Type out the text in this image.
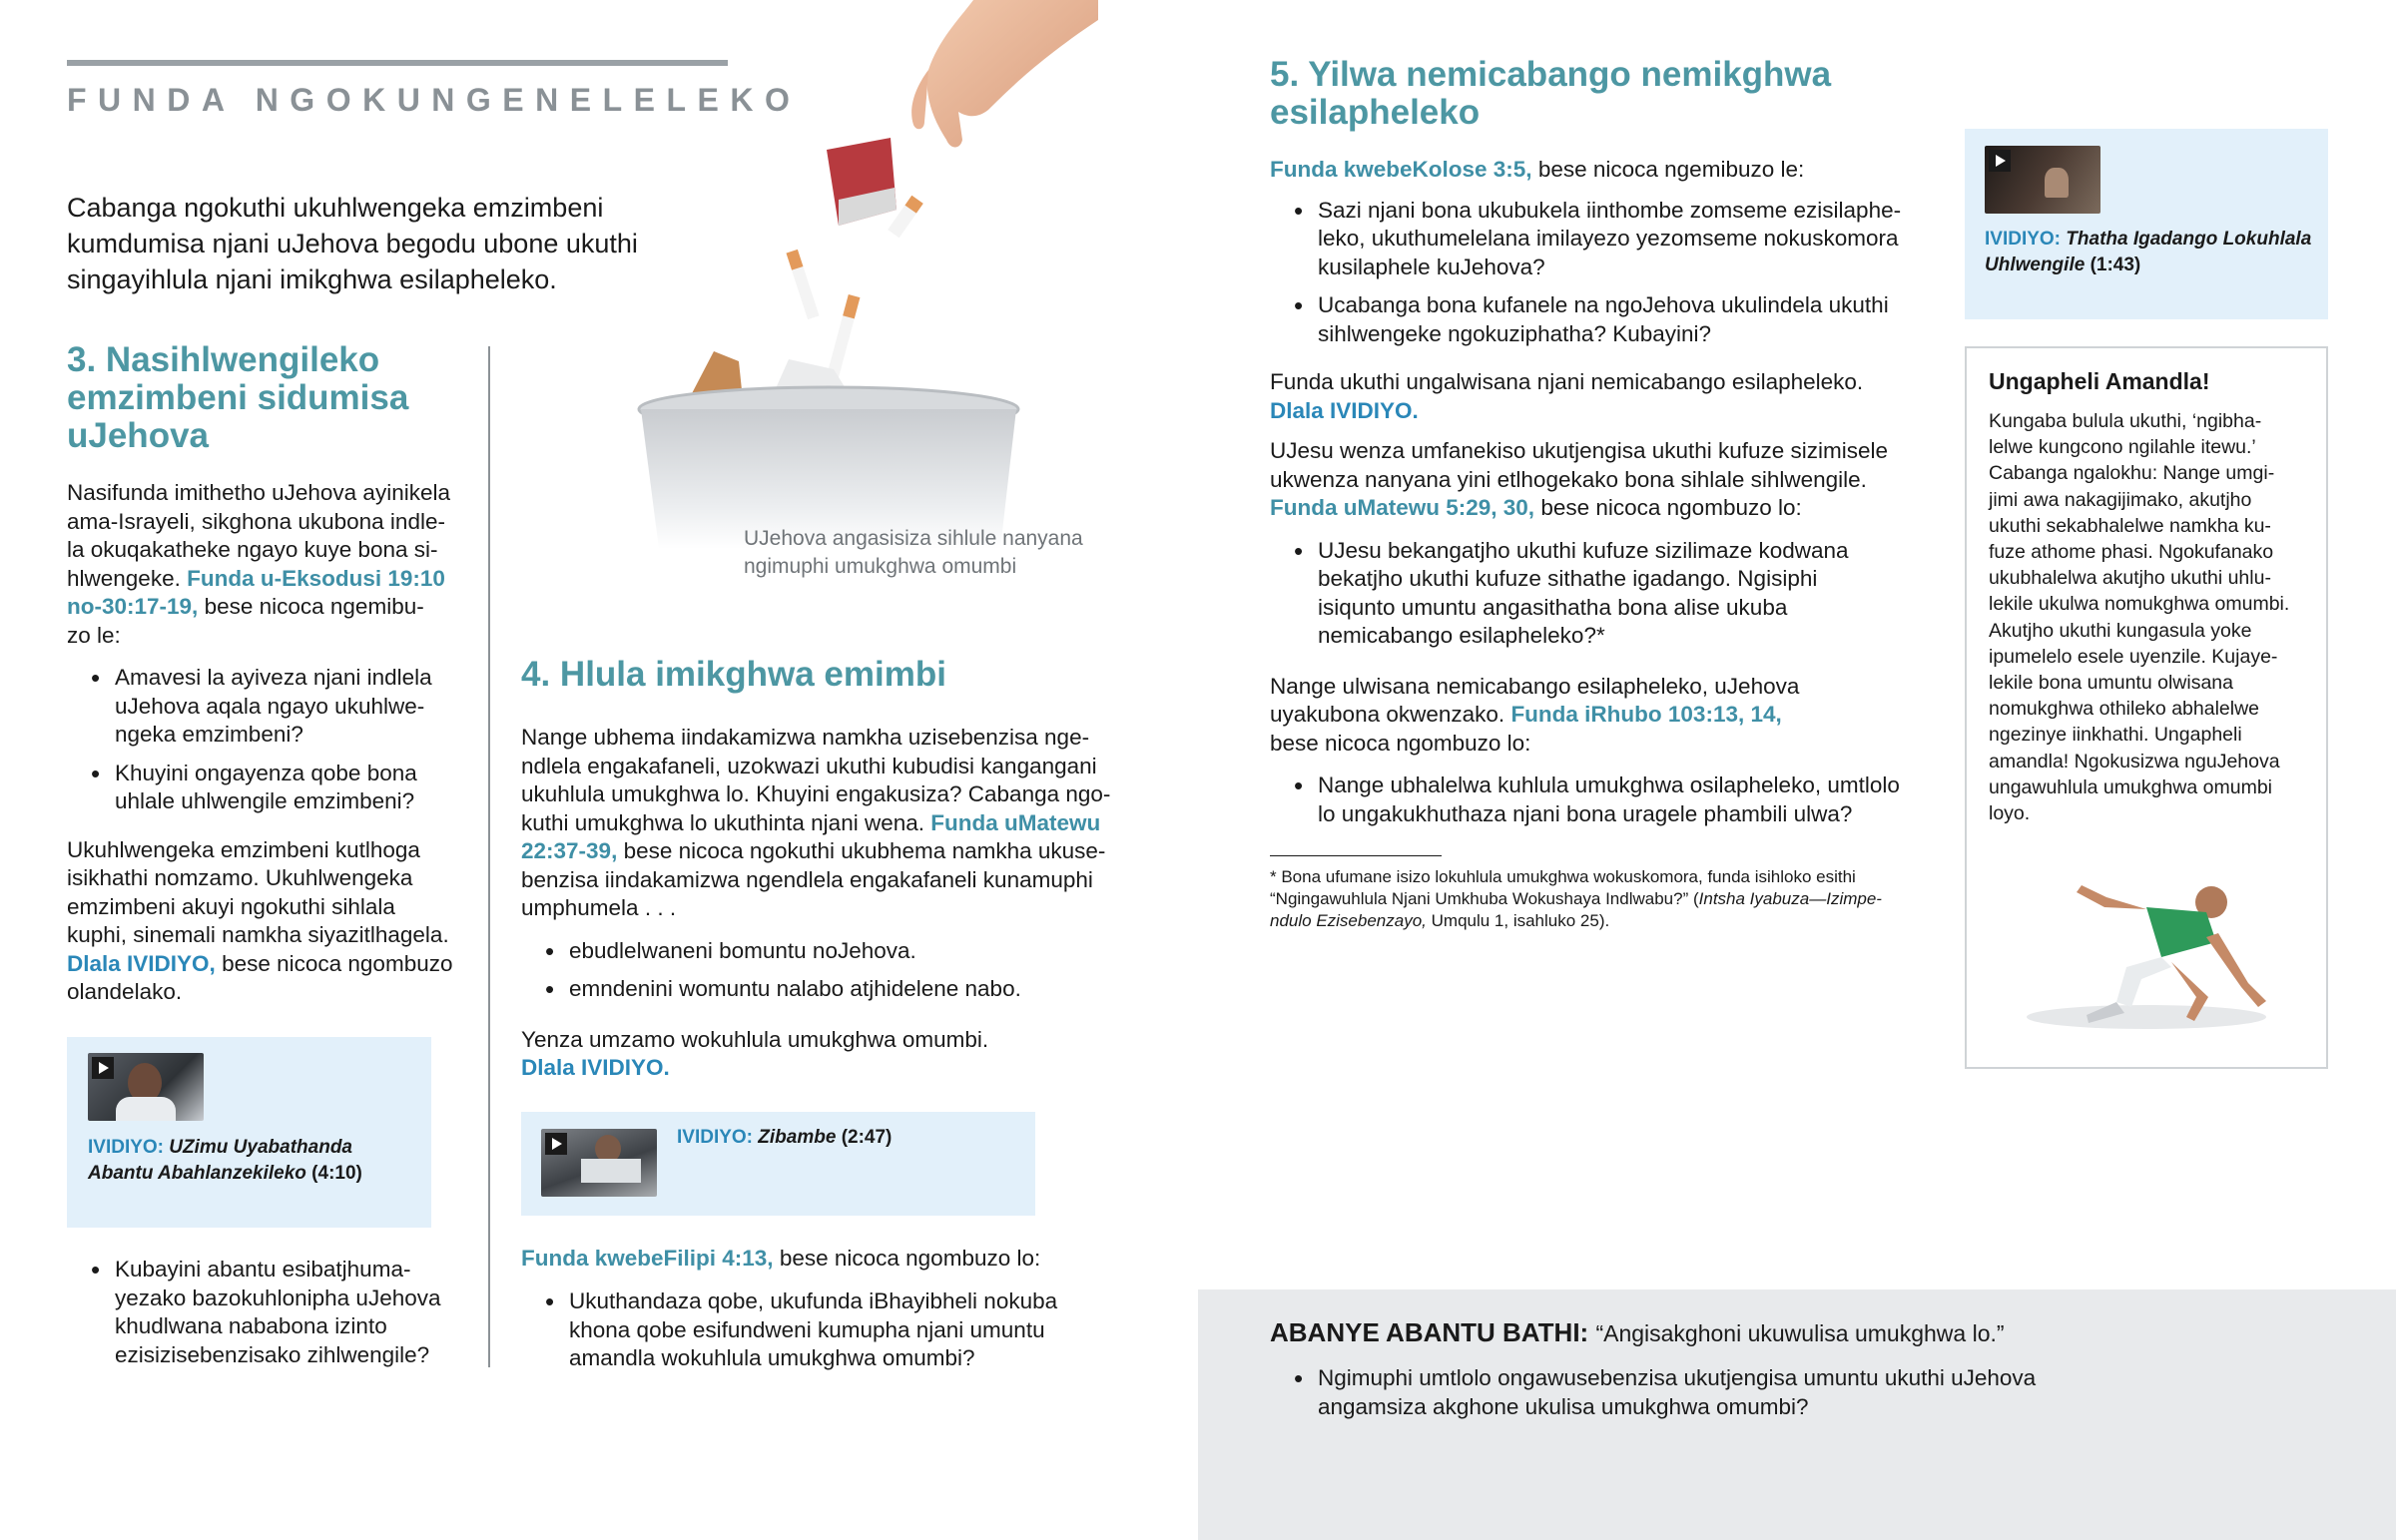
FUNDA NGOKUNGENELELEKO
Cabanga ngokuthi ukuhlwengeka emzimbeni kumdumisa njani uJehova begodu ubone ukuthi singayihlula njani imikghwa esilapheleko.
UJehova angasisiza sihlule nanyana
ngimuphi umukghwa omumbi
3. Nasihlwengileko
emzimbeni sidumisa
uJehova
Nasifunda imithetho uJehova ayinikela
ama-Israyeli, sikghona ukubona indle-
la okuqakatheke ngayo kuye bona si-
hlwengeke. Funda u-Eksodusi 19:10
no-30:17-19, bese nicoca ngemibu-
zo le:
• Amavesi la ayiveza njani indlela
uJehova aqala ngayo ukuhlwe-
ngeka emzimbeni?
• Khuyini ongayenza qobe bona
uhlale uhlwengile emzimbeni?
Ukuhlwengeka emzimbeni kutlhoga
isikhathi nomzamo. Ukuhlwengeka
emzimbeni akuyi ngokuthi sihlala
kuphi, sinemali namkha siyazitlhagela.
Dlala IVIDIYO, bese nicoca ngombuzo
olandelako.
IVIDIYO: UZimu Uyabathanda
Abantu Abahlanzekileko (4:10)
• Kubayini abantu esibatjhuma-
yezako bazokuhlonipha uJehova
khudlwana nababona izinto
ezisizisebenzisako zihlwengile?
4. Hlula imikghwa emimbi
Nange ubhema iindakamizwa namkha uzisebenzisa nge-
ndlela engakafaneli, uzokwazi ukuthi kubudisi kangangani
ukuhlula umukghwa lo. Khuyini engakusiza? Cabanga ngo-
kuthi umukghwa lo ukuthinta njani wena. Funda uMatewu
22:37-39, bese nicoca ngokuthi ukubhema namkha ukuse-
benzisa iindakamizwa ngendlela engakafaneli kunamuphi
umphumela . . .
• ebudlelwaneni bomuntu noJehova.
• emndenini womuntu nalabo atjhidelene nabo.
Yenza umzamo wokuhlula umukghwa omumbi.
Dlala IVIDIYO.
IVIDIYO: Zibambe (2:47)
Funda kwebeFilipi 4:13, bese nicoca ngombuzo lo:
• Ukuthandaza qobe, ukufunda iBhayibheli nokuba
khona qobe esifundweni kumupha njani umuntu
amandla wokuhlula umukghwa omumbi?
5. Yilwa nemicabango nemikghwa
esilapheleko
Funda kwebeKolose 3:5, bese nicoca ngemibuzo le:
• Sazi njani bona ukubukela iinthombe zomseme ezisilaphe-
leko, ukuthumelelana imilayezo yezomseme nokuskomora
kusilaphele kuJehova?
• Ucabanga bona kufanele na ngoJehova ukulindela ukuthi
sihlwengeke ngokuziphatha? Kubayini?
Funda ukuthi ungalwisana njani nemicabango esilapheleko.
Dlala IVIDIYO.
UJesu wenza umfanekiso ukutjengisa ukuthi kufuze sizimisele
ukwenza nanyana yini etlhogekako bona sihlale sihlwengile.
Funda uMatewu 5:29, 30, bese nicoca ngombuzo lo:
• UJesu bekangatjho ukuthi kufuze sizilimaze kodwana
bekatjho ukuthi kufuze sithathe igadango. Ngisiphi
isiqunto umuntu angasithatha bona alise ukuba
nemicabango esilapheleko?*
Nange ulwisana nemicabango esilapheleko, uJehova
uyakubona okwenzako. Funda iRhubo 103:13, 14,
bese nicoca ngombuzo lo:
• Nange ubhalelwa kuhlula umukghwa osilapheleko, umtlolo
lo ungakukhuthaza njani bona uragele phambili ulwa?
* Bona ufumane isizo lokuhlula umukghwa wokuskomora, funda isihloko esithi
“Ngingawuhlula Njani Umkhuba Wokushaya Indlwabu?” (Intsha Iyabuza—Izimpe-
ndulo Ezisebenzayo, Umqulu 1, isahluko 25).
IVIDIYO: Thatha Igadango Lokuhlala
Uhlwengile (1:43)
Ungapheli Amandla!
Kungaba bulula ukuthi, ‘ngibha-
lelwe kungcono ngilahle itewu.’
Cabanga ngalokhu: Nange umgi-
jimi awa nakagijimako, akutjho
ukuthi sekabhalelwe namkha ku-
fuze athome phasi. Ngokufanako
ukubhalelwa akutjho ukuthi uhlu-
lekile ukulwa nomukghwa omumbi.
Akutjho ukuthi kungasula yoke
ipumelelo esele uyenzile. Kujaye-
lekile bona umuntu olwisana
nomukghwa othileko abhalelwe
ngezinye iinkhathi. Ungapheli
amandla! Ngokusizwa nguJehova
ungawuhlula umukghwa omumbi
loyo.
ABANYE ABANTU BATHI: “Angisakghoni ukuwulisa umukghwa lo.”
• Ngimuphi umtlolo ongawusebenzisa ukutjengisa umuntu ukuthi uJehova
angamsiza akghone ukulisa umukghwa omumbi?
